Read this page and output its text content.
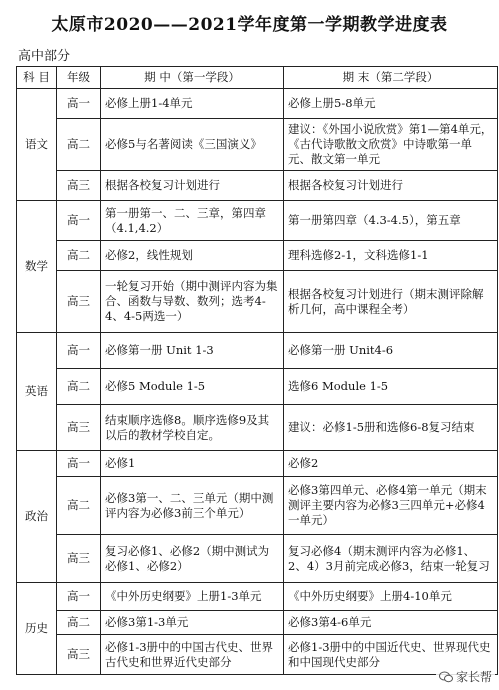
太原市2020——2021学年度第一学期教学进度表
高中部分
科 目	年级	期 中（第一学段）	期 末（第二学段）
语文	高一	必修上册1-4单元	必修上册5-8单元
	高二	必修5与名著阅读《三国演义》	建议：《外国小说欣赏》第1—第4单元，《古代诗歌散文欣赏》中诗歌第一单元、散文第一单元
	高三	根据各校复习计划进行	根据各校复习计划进行
数学	高一	第一册第一、二、三章，第四章（4.1,4.2）	第一册第四章（4.3-4.5），第五章
	高二	必修2，线性规划	理科选修2-1，文科选修1-1
	高三	一轮复习开始（期中测评内容为集合、函数与导数、数列；选考4-4、4-5两选一）	根据各校复习计划进行（期末测评除解析几何，高中课程全考）
英语	高一	必修第一册 Unit 1-3	必修第一册 Unit4-6
	高二	必修5 Module 1-5	选修6 Module 1-5
	高三	结束顺序选修8。顺序选修9及其以后的教材学校自定。	建议：必修1-5册和选修6-8复习结束
政治	高一	必修1	必修2
	高二	必修3第一、二、三单元（期中测评内容为必修3前三个单元）	必修3第四单元、必修4第一单元（期末测评主要内容为必修3三四单元+必修4一单元）
	高三	复习必修1、必修2（期中测试为必修1、必修2）	复习必修4（期末测评内容为必修1、2、4）3月前完成必修3，结束一轮复习
历史	高一	《中外历史纲要》上册1-3单元	《中外历史纲要》上册4-10单元
	高二	必修3第1-3单元	必修3第4-6单元
	高三	必修1-3册中的中国古代史、世界古代史和世界近代史部分	必修1-3册中的中国近代史、世界现代史和中国现代史部分
家长帮
